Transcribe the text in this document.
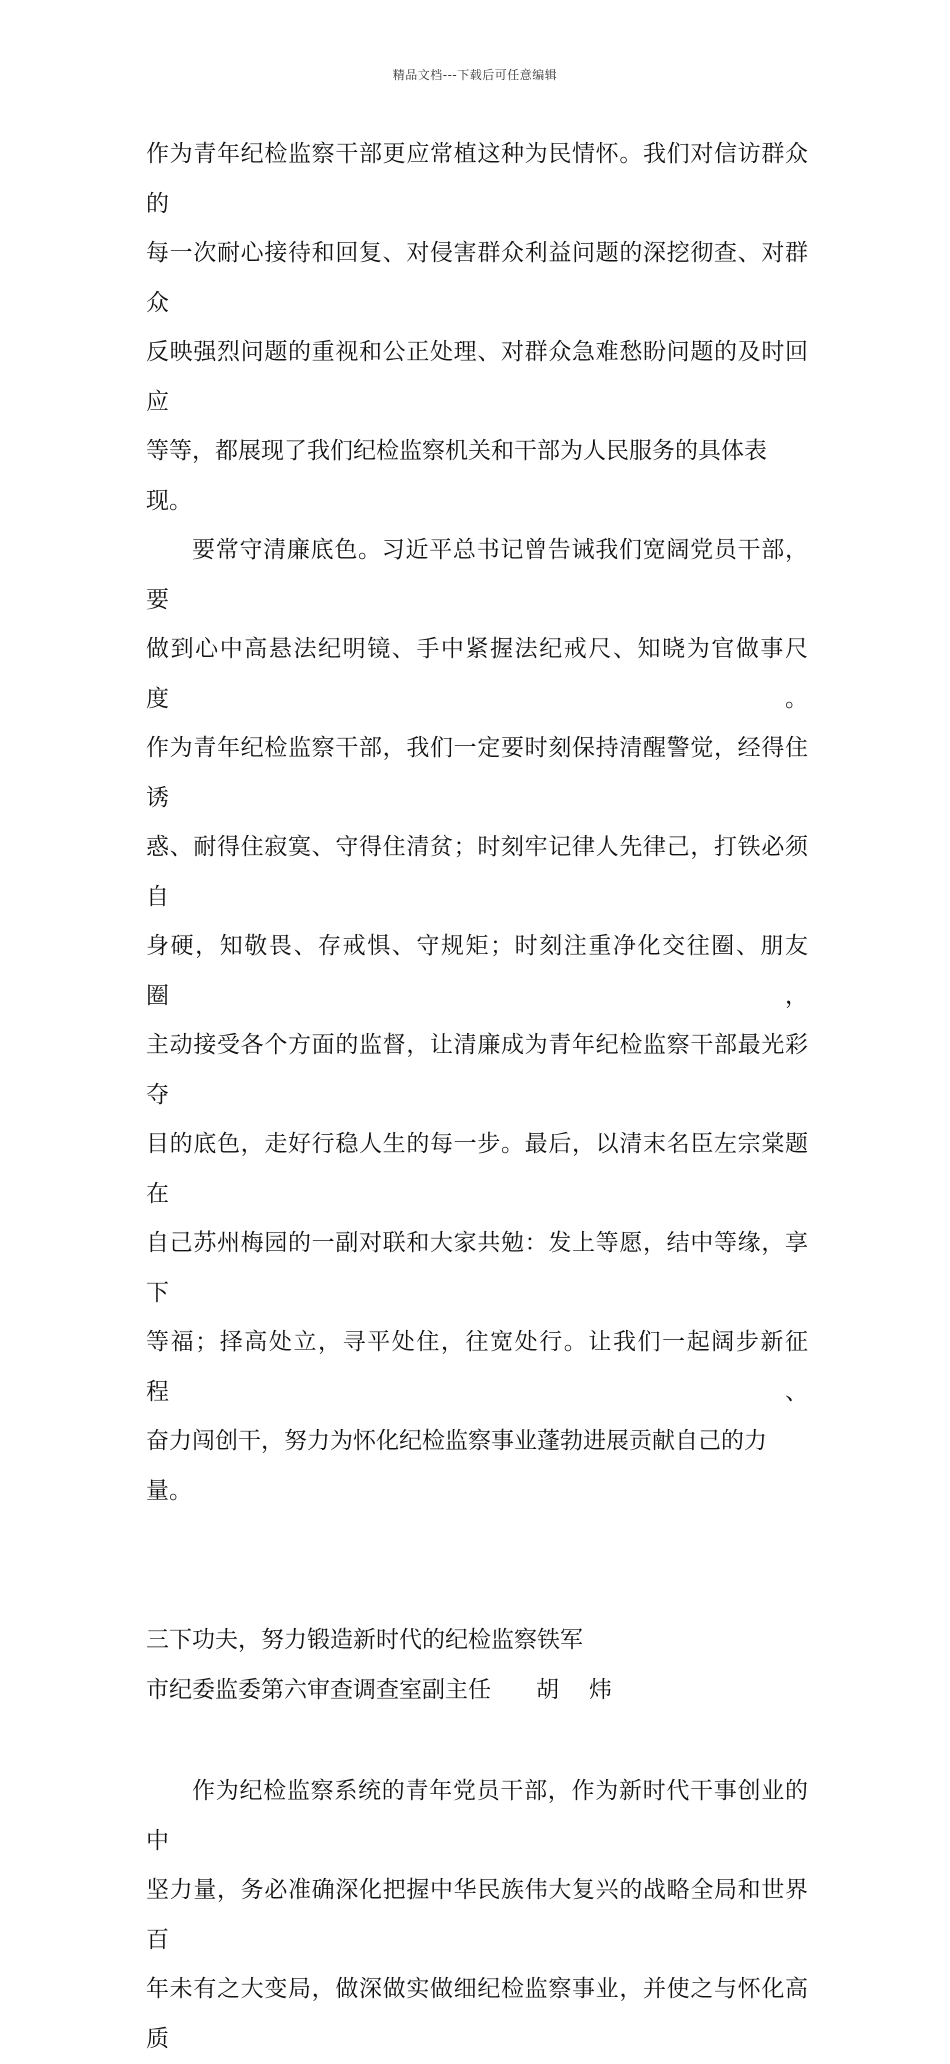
精品文档---下载后可任意编辑

作为青年纪检监察干部更应常植这种为民情怀。我们对信访群众的

每一次耐心接待和回复、对侵害群众利益问题的深挖彻查、对群众

反映强烈问题的重视和公正处理、对群众急难愁盼问题的及时回应

等等，都展现了我们纪检监察机关和干部为人民服务的具体表现。

要常守清廉底色。习近平总书记曾告诫我们宽阔党员干部，要

做到心中高悬法纪明镜、手中紧握法纪戒尺、知晓为官做事尺度。

作为青年纪检监察干部，我们一定要时刻保持清醒警觉，经得住诱

惑、耐得住寂寞、守得住清贫；时刻牢记律人先律己，打铁必须自

身硬，知敬畏、存戒惧、守规矩；时刻注重净化交往圈、朋友圈，

主动接受各个方面的监督，让清廉成为青年纪检监察干部最光彩夺

目的底色，走好行稳人生的每一步。最后，以清末名臣左宗棠题在

自己苏州梅园的一副对联和大家共勉：发上等愿，结中等缘，享下

等福；择高处立，寻平处住，往宽处行。让我们一起阔步新征程、

奋力闯创干，努力为怀化纪检监察事业蓬勃进展贡献自己的力量。

三下功夫，努力锻造新时代的纪检监察铁军
市纪委监委第六审查调查室副主任 胡炜

作为纪检监察系统的青年党员干部，作为新时代干事创业的中

坚力量，务必准确深化把握中华民族伟大复兴的战略全局和世界百

年未有之大变局，做深做实做细纪检监察事业，并使之与怀化高质
